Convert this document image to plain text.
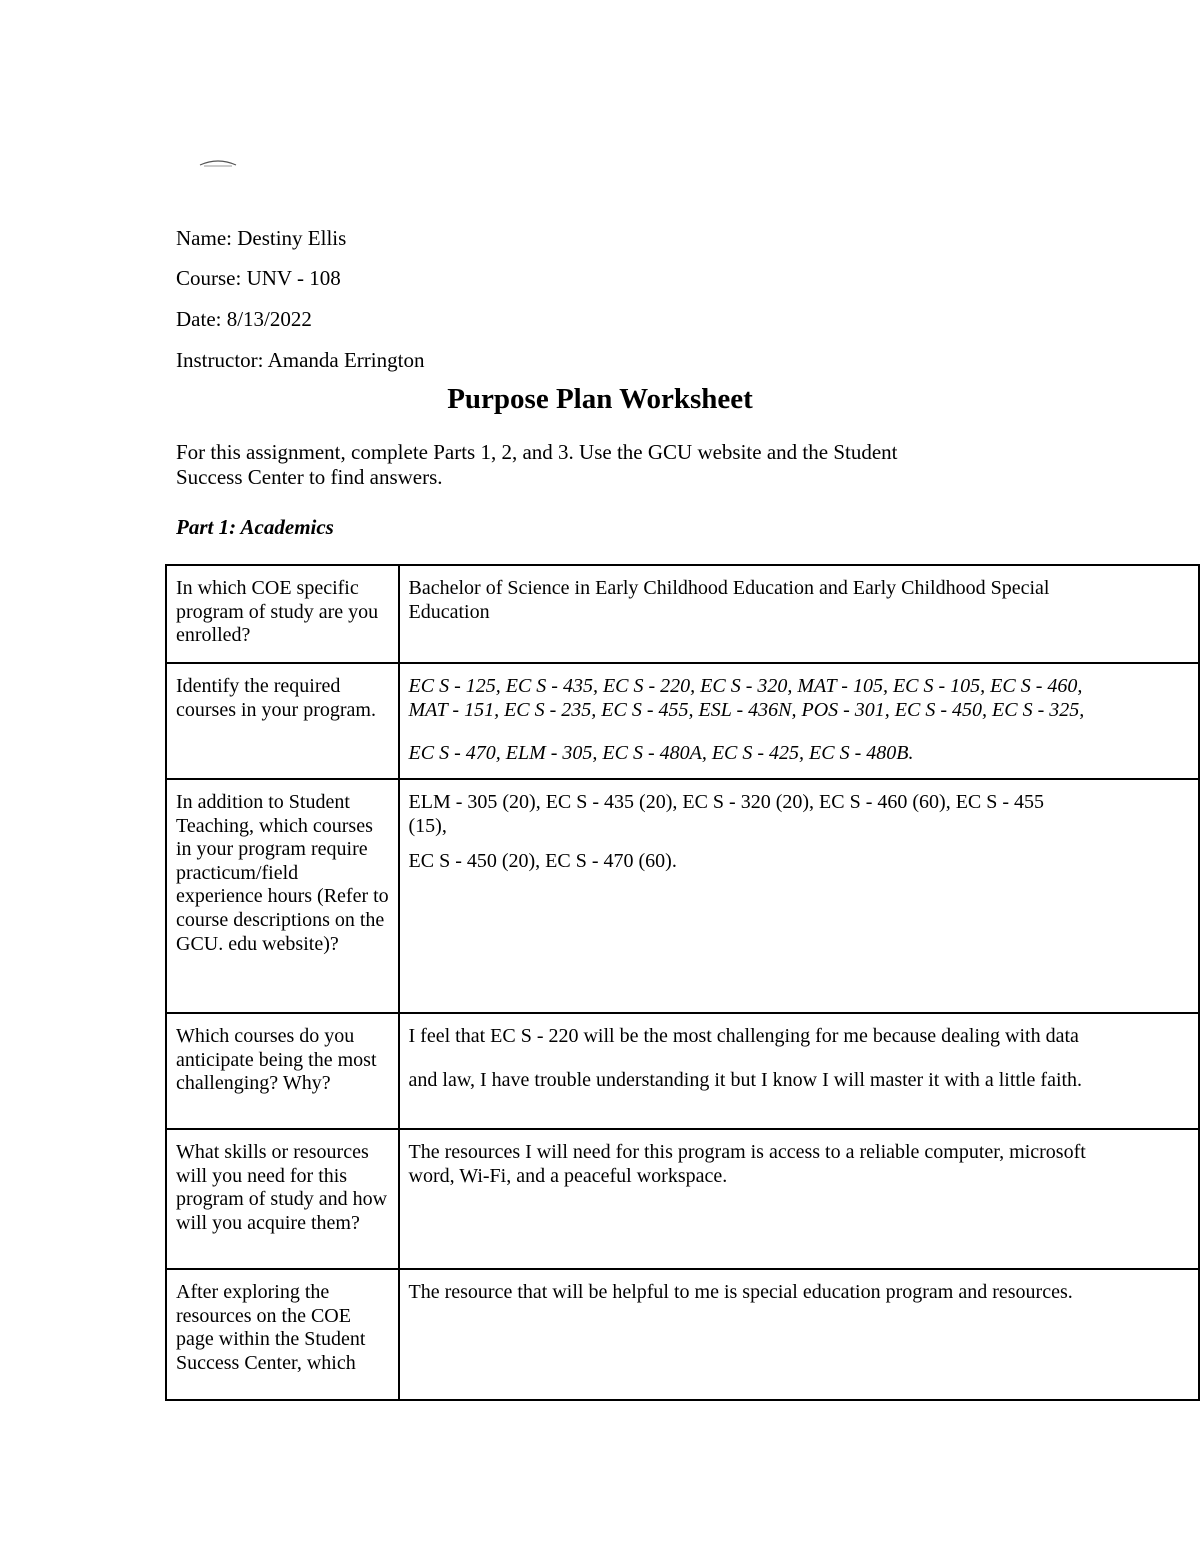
Name: Destiny Ellis
Course: UNV - 108
Date: 8/13/2022
Instructor: Amanda Errington
Purpose Plan Worksheet
For this assignment, complete Parts 1, 2, and 3. Use the GCU website and the Student
Success Center to find answers.
Part 1: Academics
In which COE specific program of study are you enrolled?	Bachelor of Science in Early Childhood Education and Early Childhood Special
Education

Identify the required courses in your program.	EC S - 125, EC S - 435, EC S - 220, EC S - 320, MAT - 105, EC S - 105, EC S - 460,
MAT - 151, EC S - 235, EC S - 455, ESL - 436N, POS - 301, EC S - 450, EC S - 325,
EC S - 470, ELM - 305, EC S - 480A, EC S - 425, EC S - 480B.

In addition to Student Teaching, which courses in your program require practicum/field experience hours (Refer to course descriptions on the GCU. edu website)?	ELM - 305 (20), EC S - 435 (20), EC S - 320 (20), EC S - 460 (60), EC S - 455
(15),
EC S - 450 (20), EC S - 470 (60).

Which courses do you anticipate being the most challenging? Why?	I feel that EC S - 220 will be the most challenging for me because dealing with data
and law, I have trouble understanding it but I know I will master it with a little faith.

What skills or resources will you need for this program of study and how will you acquire them?	The resources I will need for this program is access to a reliable computer, microsoft
word, Wi-Fi, and a peaceful workspace.

After exploring the resources on the COE page within the Student Success Center, which	The resource that will be helpful to me is special education program and resources.
